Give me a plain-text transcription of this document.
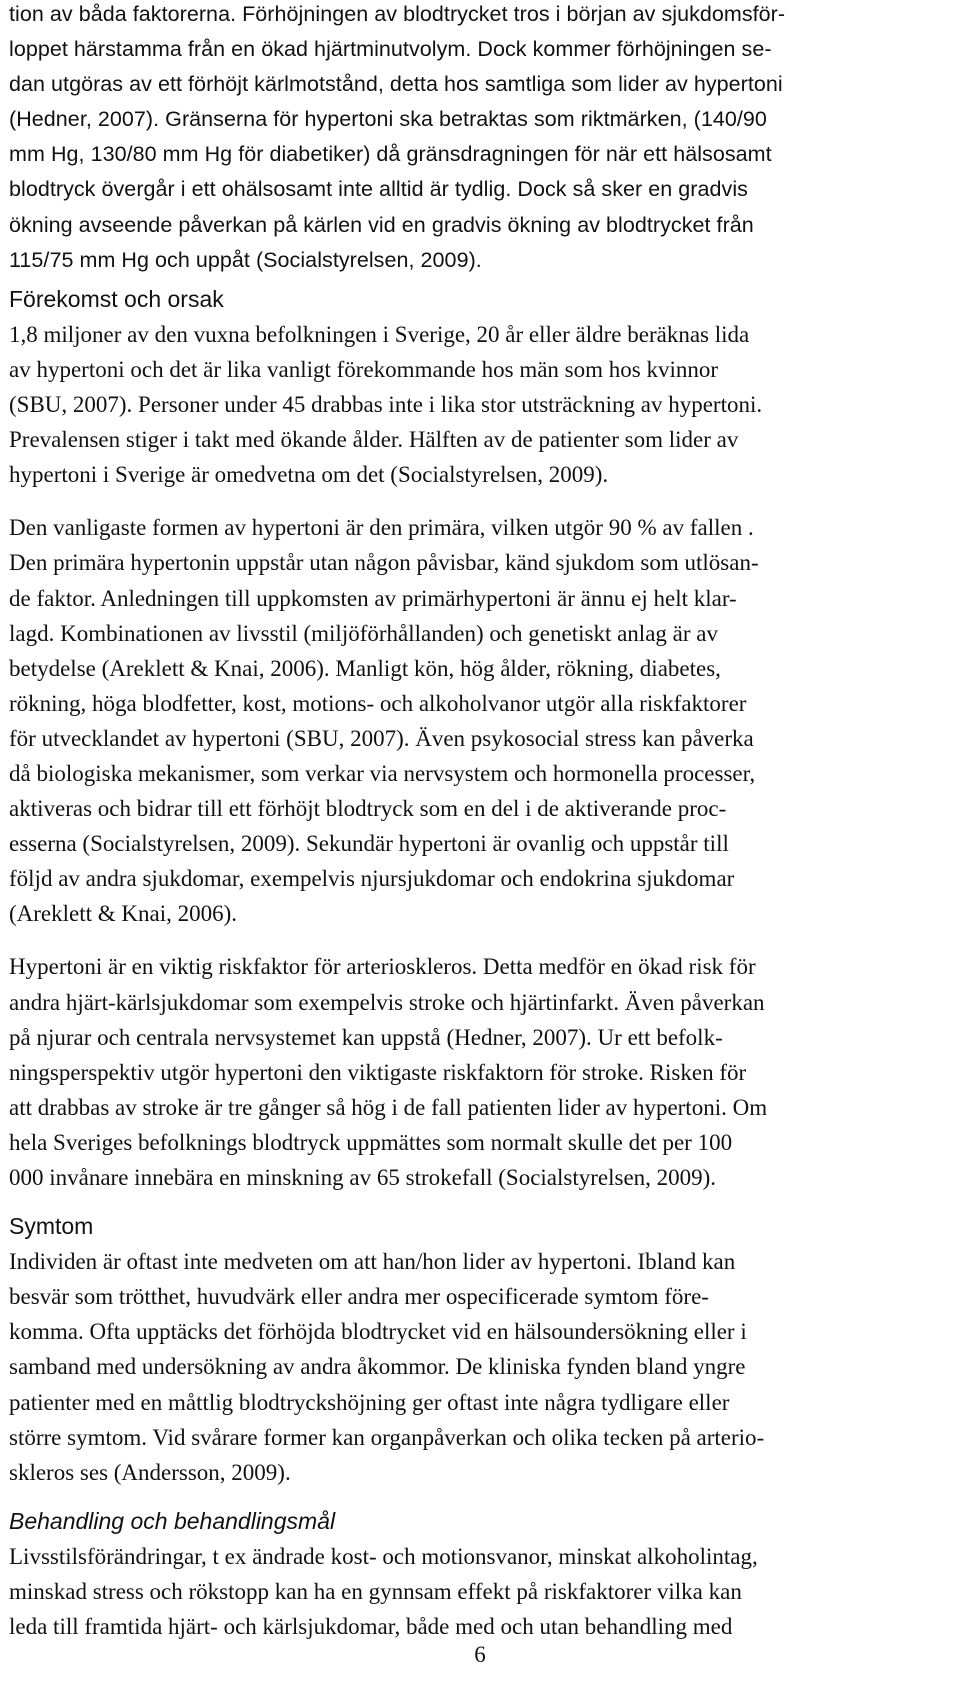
tion av båda faktorerna. Förhöjningen av blodtrycket tros i början av sjukdomsför-
loppet härstamma från en ökad hjärtminutvolym. Dock kommer förhöjningen se-
dan utgöras av ett förhöjt kärlmotstånd, detta hos samtliga som lider av hypertoni
(Hedner, 2007). Gränserna för hypertoni ska betraktas som riktmärken, (140/90
mm Hg, 130/80 mm Hg för diabetiker) då gränsdragningen för när ett hälsosamt
blodtryck övergår i ett ohälsosamt inte alltid är tydlig. Dock så sker en gradvis
ökning avseende påverkan på kärlen vid en gradvis ökning av blodtrycket från
115/75 mm Hg och uppåt (Socialstyrelsen, 2009).

Förekomst och orsak

1,8 miljoner av den vuxna befolkningen i Sverige, 20 år eller äldre beräknas lida
av hypertoni och det är lika vanligt förekommande hos män som hos kvinnor
(SBU, 2007). Personer under 45 drabbas inte i lika stor utsträckning av hypertoni.
Prevalensen stiger i takt med ökande ålder. Hälften av de patienter som lider av
hypertoni i Sverige är omedvetna om det (Socialstyrelsen, 2009).

Den vanligaste formen av hypertoni är den primära, vilken utgör 90 % av fallen .
Den primära hypertonin uppstår utan någon påvisbar, känd sjukdom som utlösan-
de faktor. Anledningen till uppkomsten av primärhypertoni är ännu ej helt klar-
lagd. Kombinationen av livsstil (miljöförhållanden) och genetiskt anlag är av
betydelse (Areklett & Knai, 2006). Manligt kön, hög ålder, rökning, diabetes,
rökning, höga blodfetter, kost, motions- och alkoholvanor utgör alla riskfaktorer
för utvecklandet av hypertoni (SBU, 2007). Även psykosocial stress kan påverka
då biologiska mekanismer, som verkar via nervsystem och hormonella processer,
aktiveras och bidrar till ett förhöjt blodtryck som en del i de aktiverande proc-
esserna (Socialstyrelsen, 2009). Sekundär hypertoni är ovanlig och uppstår till
följd av andra sjukdomar, exempelvis njursjukdomar och endokrina sjukdomar
(Areklett & Knai, 2006).

Hypertoni är en viktig riskfaktor för arterioskleros. Detta medför en ökad risk för
andra hjärt-kärlsjukdomar som exempelvis stroke och hjärtinfarkt. Även påverkan
på njurar och centrala nervsystemet kan uppstå (Hedner, 2007). Ur ett befolk-
ningsperspektiv utgör hypertoni den viktigaste riskfaktorn för stroke. Risken för
att drabbas av stroke är tre gånger så hög i de fall patienten lider av hypertoni. Om
hela Sveriges befolknings blodtryck uppmättes som normalt skulle det per 100
000 invånare innebära en minskning av 65 strokefall (Socialstyrelsen, 2009).

Symtom

Individen är oftast inte medveten om att han/hon lider av hypertoni. Ibland kan
besvär som trötthet, huvudvärk eller andra mer ospecificerade symtom före-
komma. Ofta upptäcks det förhöjda blodtrycket vid en hälsoundersökning eller i
samband med undersökning av andra åkommor. De kliniska fynden bland yngre
patienter med en måttlig blodtryckshöjning ger oftast inte några tydligare eller
större symtom. Vid svårare former kan organpåverkan och olika tecken på arterio-
skleros ses (Andersson, 2009).

Behandling och behandlingsmål

Livsstilsförändringar, t ex ändrade kost- och motionsvanor, minskat alkoholintag,
minskad stress och rökstopp kan ha en gynnsam effekt på riskfaktorer vilka kan
leda till framtida hjärt- och kärlsjukdomar, både med och utan behandling med

6
